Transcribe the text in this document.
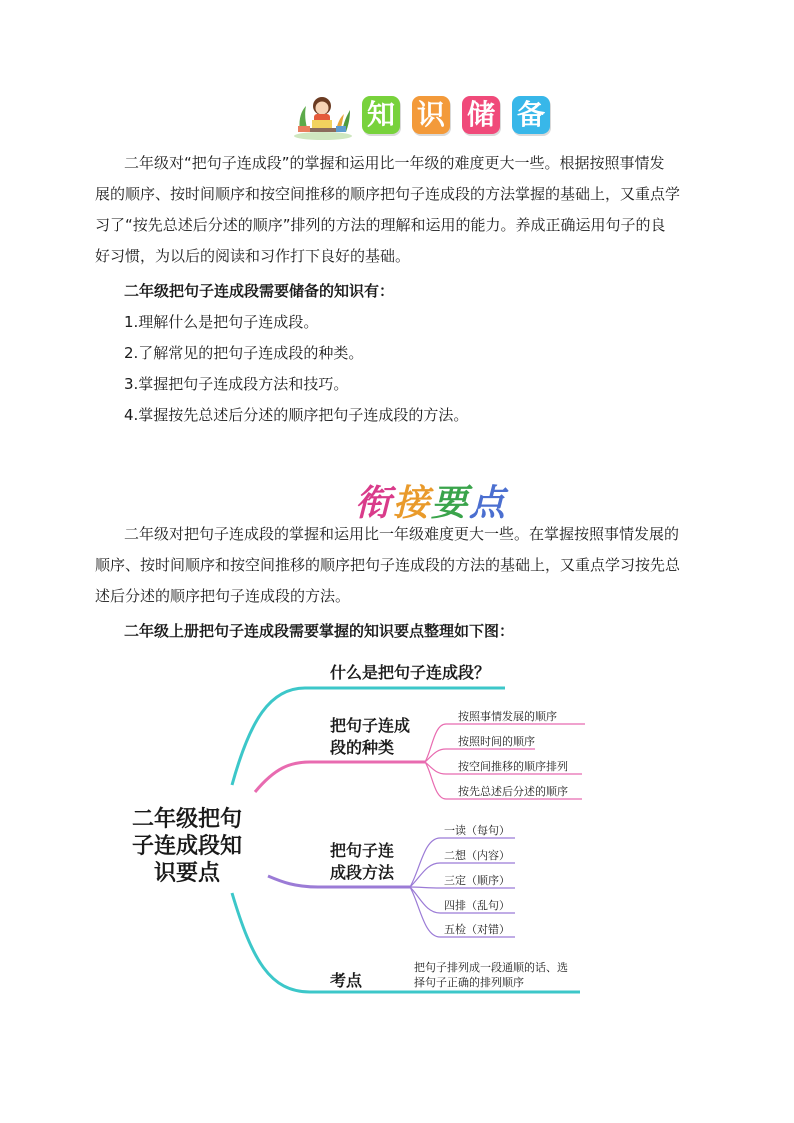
知 识 储 备
二年级对“把句子连成段”的掌握和运用比一年级的难度更大一些。根据按照事情发
展的顺序、按时间顺序和按空间推移的顺序把句子连成段的方法掌握的基础上，又重点学
习了“按先总述后分述的顺序”排列的方法的理解和运用的能力。养成正确运用句子的良
好习惯，为以后的阅读和习作打下良好的基础。
二年级把句子连成段需要储备的知识有：
1.理解什么是把句子连成段。
2.了解常见的把句子连成段的种类。
3.掌握把句子连成段方法和技巧。
4.掌握按先总述后分述的顺序把句子连成段的方法。
衔 接 要 点
二年级对把句子连成段的掌握和运用比一年级难度更大一些。在掌握按照事情发展的
顺序、按时间顺序和按空间推移的顺序把句子连成段的方法的基础上，又重点学习按先总
述后分述的顺序把句子连成段的方法。
二年级上册把句子连成段需要掌握的知识要点整理如下图：
二年级把句
子连成段知
识要点
什么是把句子连成段？
把句子连成
段的种类
按照事情发展的顺序
按照时间的顺序
按空间推移的顺序排列
按先总述后分述的顺序
把句子连
成段方法
一读（每句）
二想（内容）
三定（顺序）
四排（乱句）
五检（对错）
考点
把句子排列成一段通顺的话、选
择句子正确的排列顺序
